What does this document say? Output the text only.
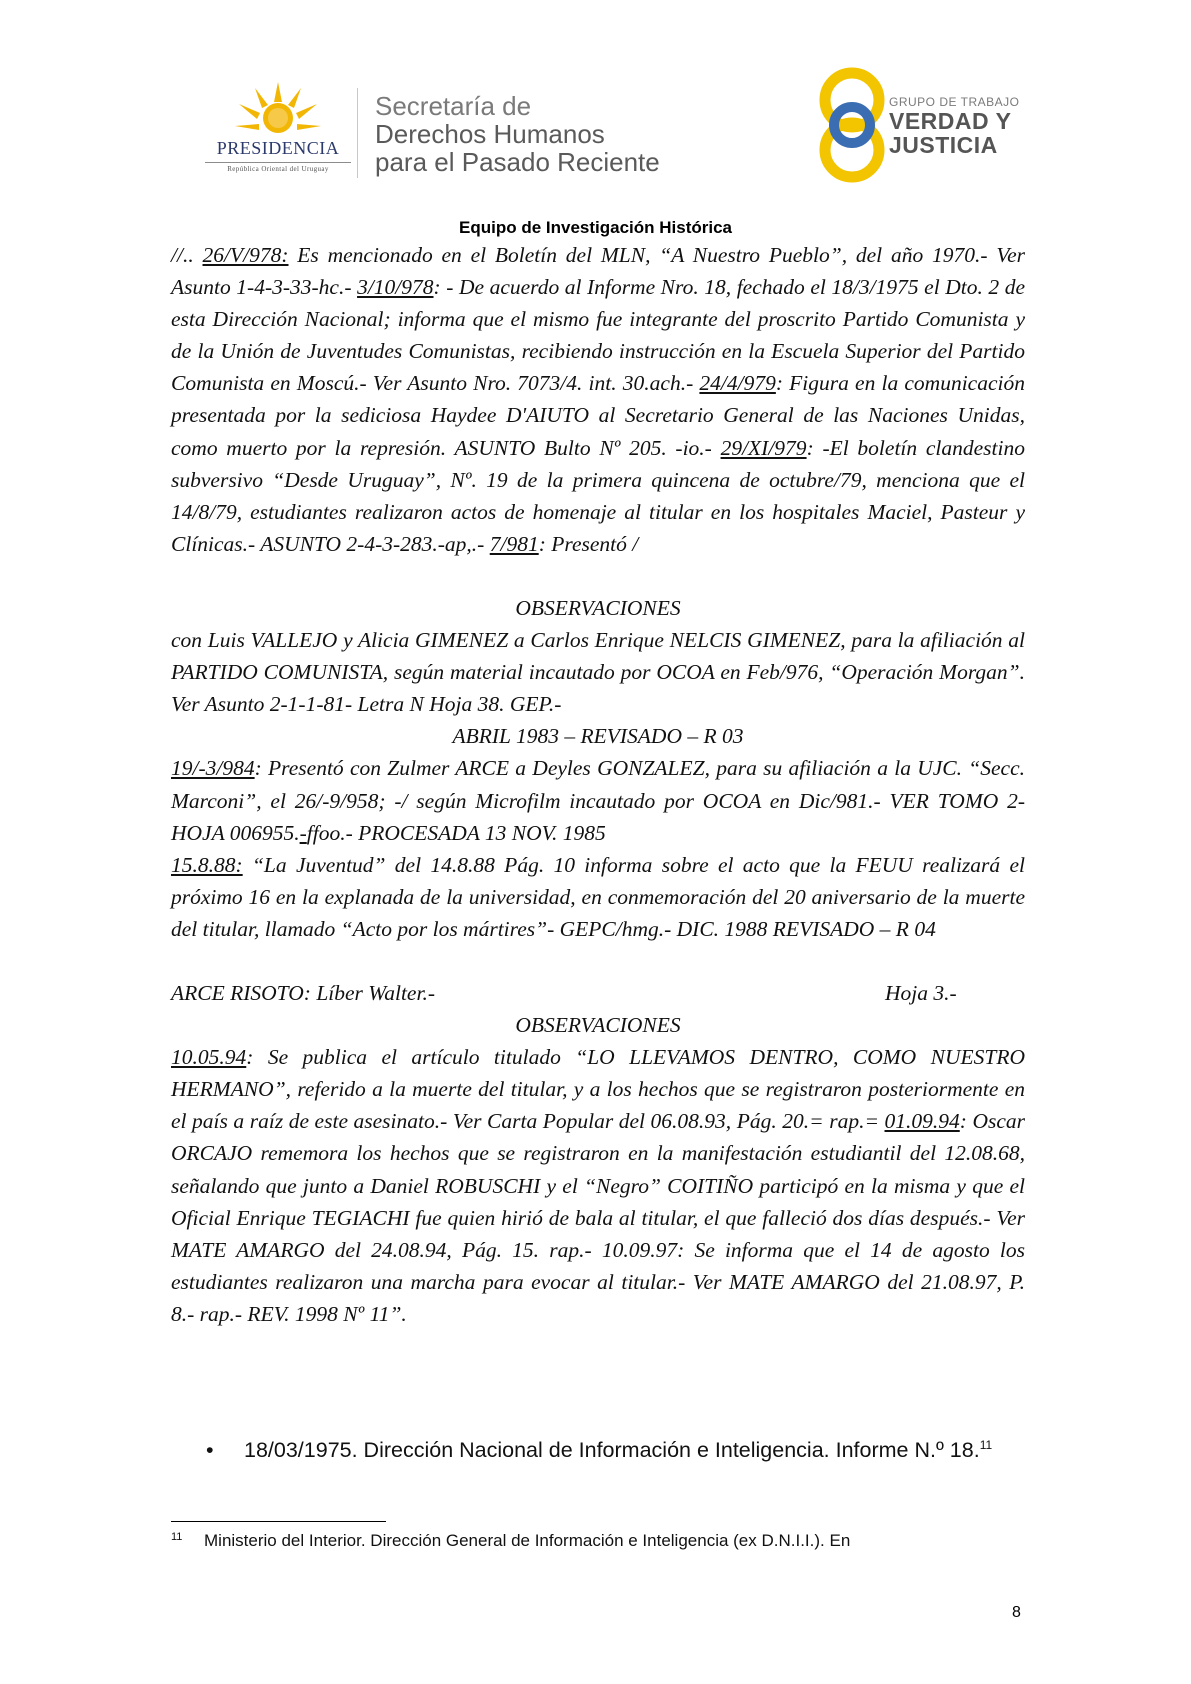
PRESIDENCIA
República Oriental del Uruguay
Secretaría de
Derechos Humanos
para el Pasado Reciente
GRUPO DE TRABAJO
VERDAD Y
JUSTICIA
Equipo de Investigación Histórica

//.. 26/V/978: Es mencionado en el Boletín del MLN, “A Nuestro Pueblo”, del año 1970.- Ver Asunto 1-4-3-33-hc.- 3/10/978: - De acuerdo al Informe Nro. 18, fechado el 18/3/1975 el Dto. 2 de esta Dirección Nacional; informa que el mismo fue integrante del proscrito Partido Comunista y de la Unión de Juventudes Comunistas, recibiendo instrucción en la Escuela Superior del Partido Comunista en Moscú.- Ver Asunto Nro. 7073/4. int. 30.ach.- 24/4/979: Figura en la comunicación presentada por la sediciosa Haydee D'AIUTO al Secretario General de las Naciones Unidas, como muerto por la represión. ASUNTO Bulto Nº 205. -io.- 29/XI/979: -El boletín clandestino subversivo “Desde Uruguay”, Nº. 19 de la primera quincena de octubre/79, menciona que el 14/8/79, estudiantes realizaron actos de homenaje al titular en los hospitales Maciel, Pasteur y Clínicas.- ASUNTO 2-4-3-283.-ap,.- 7/981: Presentó /

OBSERVACIONES

con Luis VALLEJO y Alicia GIMENEZ a Carlos Enrique NELCIS GIMENEZ, para la afiliación al PARTIDO COMUNISTA, según material incautado por OCOA en Feb/976, “Operación Morgan”. Ver Asunto 2-1-1-81- Letra N Hoja 38. GEP.-

ABRIL 1983 – REVISADO – R 03

19/-3/984: Presentó con Zulmer ARCE a Deyles GONZALEZ, para su afiliación a la UJC. “Secc. Marconi”, el 26/-9/958; -/ según Microfilm incautado por OCOA en Dic/981.- VER TOMO 2-HOJA 006955.-ffoo.- PROCESADA 13 NOV. 1985

15.8.88: “La Juventud” del 14.8.88 Pág. 10 informa sobre el acto que la FEUU realizará el próximo 16 en la explanada de la universidad, en conmemoración del 20 aniversario de la muerte del titular, llamado “Acto por los mártires”- GEPC/hmg.- DIC. 1988 REVISADO – R 04

ARCE RISOTO: Líber Walter.-	Hoja 3.-

OBSERVACIONES

10.05.94: Se publica el artículo titulado “LO LLEVAMOS DENTRO, COMO NUESTRO HERMANO”, referido a la muerte del titular, y a los hechos que se registraron posteriormente en el país a raíz de este asesinato.- Ver Carta Popular del 06.08.93, Pág. 20.= rap.= 01.09.94: Oscar ORCAJO rememora los hechos que se registraron en la manifestación estudiantil del 12.08.68, señalando que junto a Daniel ROBUSCHI y el “Negro” COITIÑO participó en la misma y que el Oficial Enrique TEGIACHI fue quien hirió de bala al titular, el que falleció dos días después.- Ver MATE AMARGO del 24.08.94, Pág. 15. rap.- 10.09.97: Se informa que el 14 de agosto los estudiantes realizaron una marcha para evocar al titular.- Ver MATE AMARGO del 21.08.97, P. 8.- rap.- REV. 1998 Nº 11”.

• 18/03/1975. Dirección Nacional de Información e Inteligencia. Informe N.º 18.11
11 Ministerio del Interior. Dirección General de Información e Inteligencia (ex D.N.I.I.). En
8
